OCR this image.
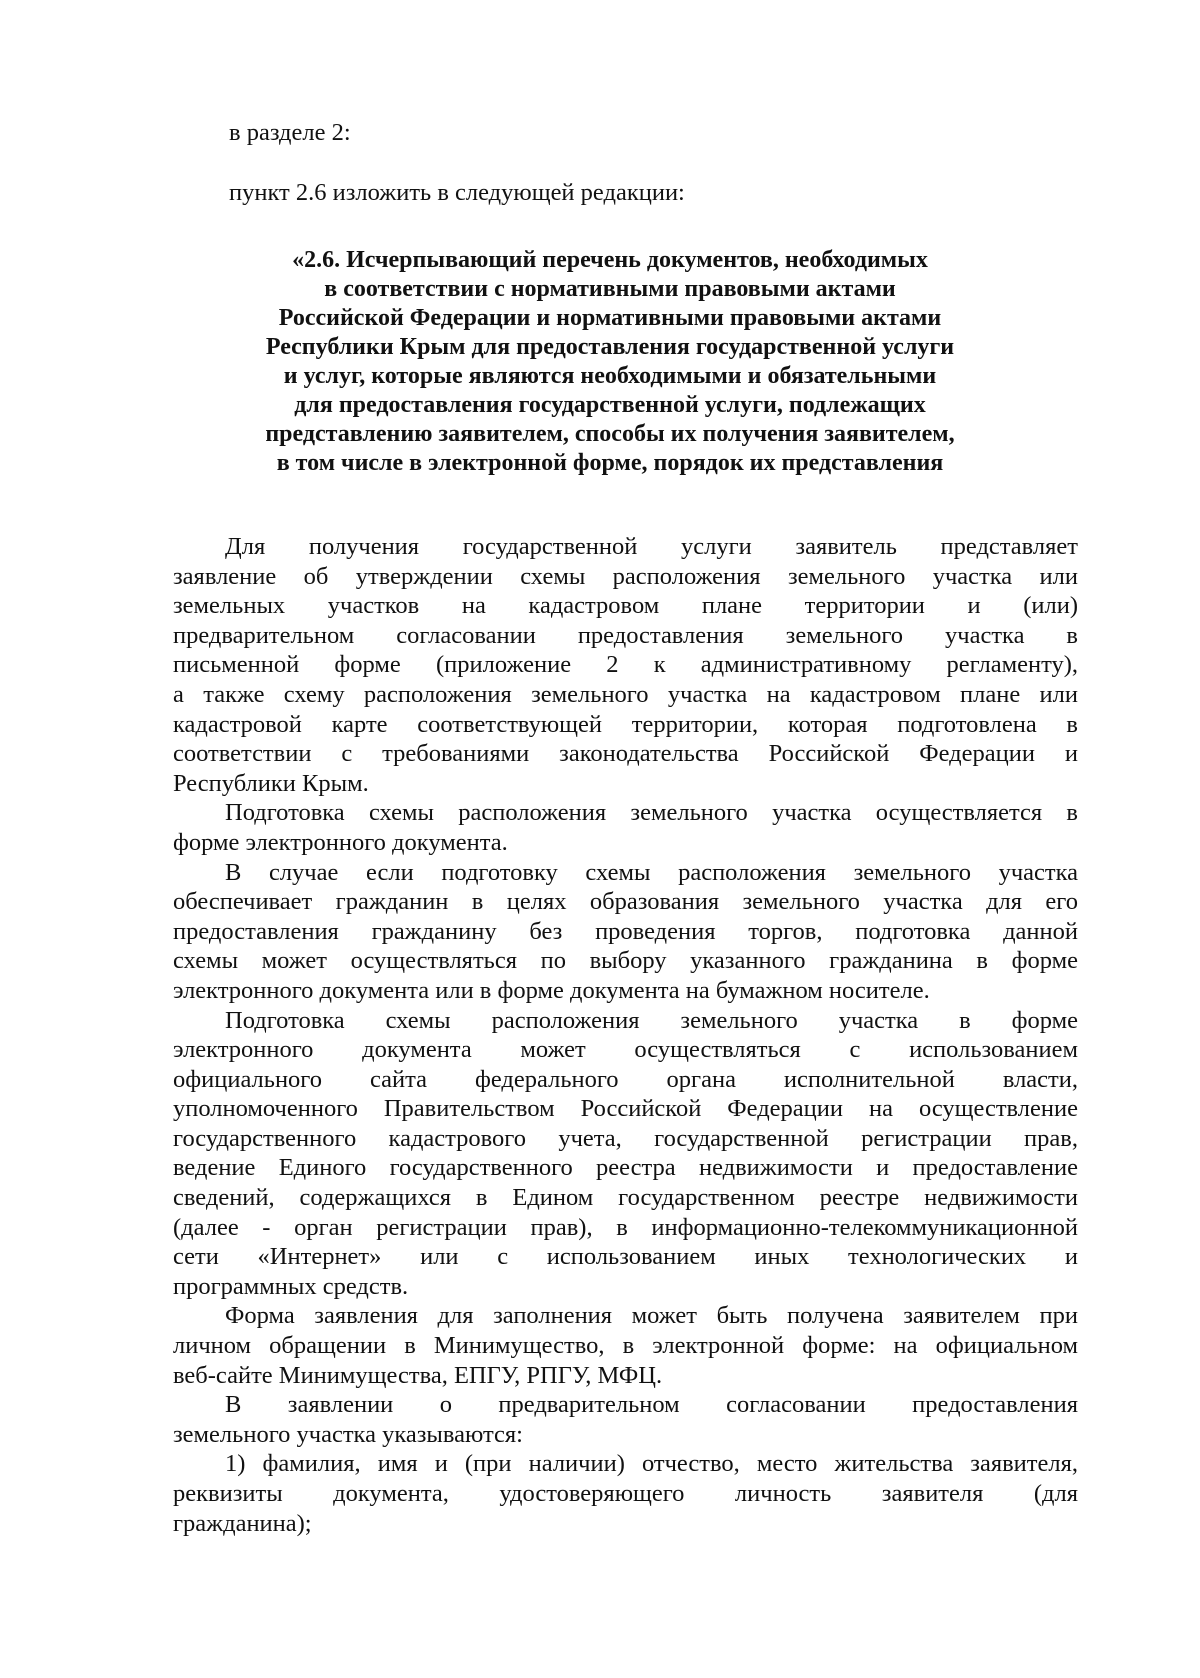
в разделе 2:
пункт 2.6 изложить в следующей редакции:
«2.6. Исчерпывающий перечень документов, необходимых
в соответствии с нормативными правовыми актами
Российской Федерации и нормативными правовыми актами
Республики Крым для предоставления государственной услуги
и услуг, которые являются необходимыми и обязательными
для предоставления государственной услуги, подлежащих
представлению заявителем, способы их получения заявителем,
в том числе в электронной форме, порядок их представления
Для получения государственной услуги заявитель представляет
заявление об утверждении схемы расположения земельного участка или
земельных участков на кадастровом плане территории и (или)
предварительном согласовании предоставления земельного участка в
письменной форме (приложение 2 к административному регламенту),
а также схему расположения земельного участка на кадастровом плане или
кадастровой карте соответствующей территории, которая подготовлена в
соответствии с требованиями законодательства Российской Федерации и
Республики Крым.
Подготовка схемы расположения земельного участка осуществляется в
форме электронного документа.
В случае если подготовку схемы расположения земельного участка
обеспечивает гражданин в целях образования земельного участка для его
предоставления гражданину без проведения торгов, подготовка данной
схемы может осуществляться по выбору указанного гражданина в форме
электронного документа или в форме документа на бумажном носителе.
Подготовка схемы расположения земельного участка в форме
электронного документа может осуществляться с использованием
официального сайта федерального органа исполнительной власти,
уполномоченного Правительством Российской Федерации на осуществление
государственного кадастрового учета, государственной регистрации прав,
ведение Единого государственного реестра недвижимости и предоставление
сведений, содержащихся в Едином государственном реестре недвижимости
(далее - орган регистрации прав), в информационно-телекоммуникационной
сети «Интернет» или с использованием иных технологических и
программных средств.
Форма заявления для заполнения может быть получена заявителем при
личном обращении в Минимущество, в электронной форме: на официальном
веб-сайте Минимущества, ЕПГУ, РПГУ, МФЦ.
В заявлении о предварительном согласовании предоставления
земельного участка указываются:
1) фамилия, имя и (при наличии) отчество, место жительства заявителя,
реквизиты документа, удостоверяющего личность заявителя (для
гражданина);
